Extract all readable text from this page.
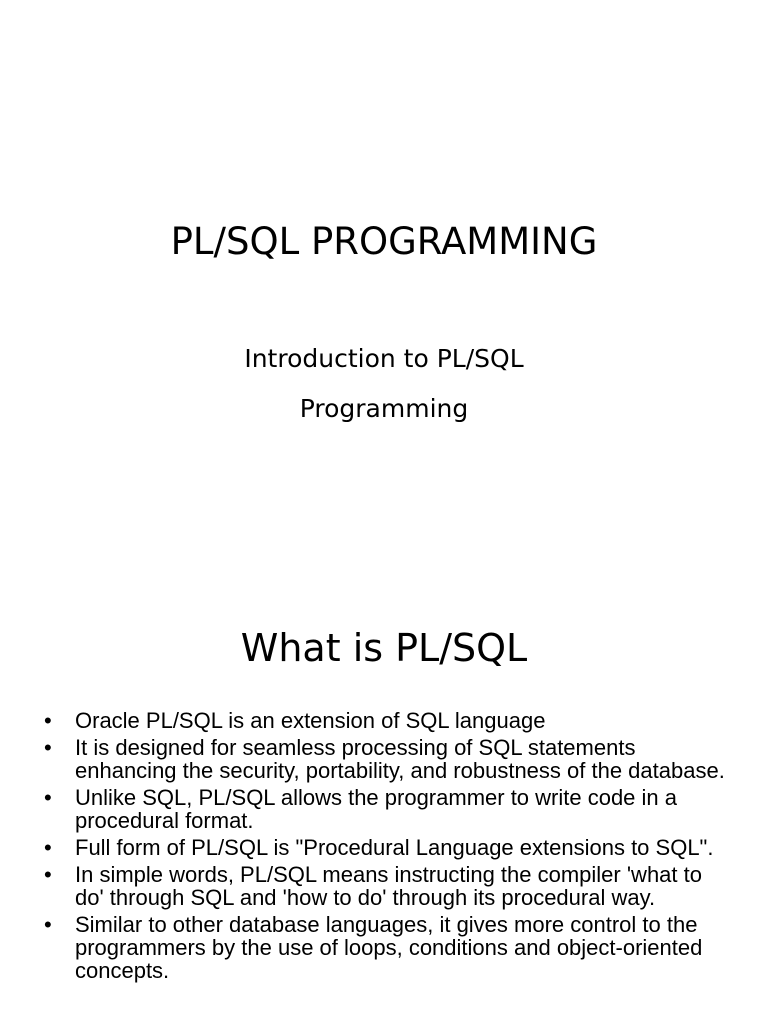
PL/SQL PROGRAMMING
Introduction to PL/SQL
Programming
What is PL/SQL
• Oracle PL/SQL is an extension of SQL language
• It is designed for seamless processing of SQL statements enhancing the security, portability, and robustness of the database.
• Unlike SQL, PL/SQL allows the programmer to write code in a procedural format.
• Full form of PL/SQL is "Procedural Language extensions to SQL".
• In simple words, PL/SQL means instructing the compiler 'what to do' through SQL and 'how to do' through its procedural way.
• Similar to other database languages, it gives more control to the programmers by the use of loops, conditions and object-oriented concepts.
